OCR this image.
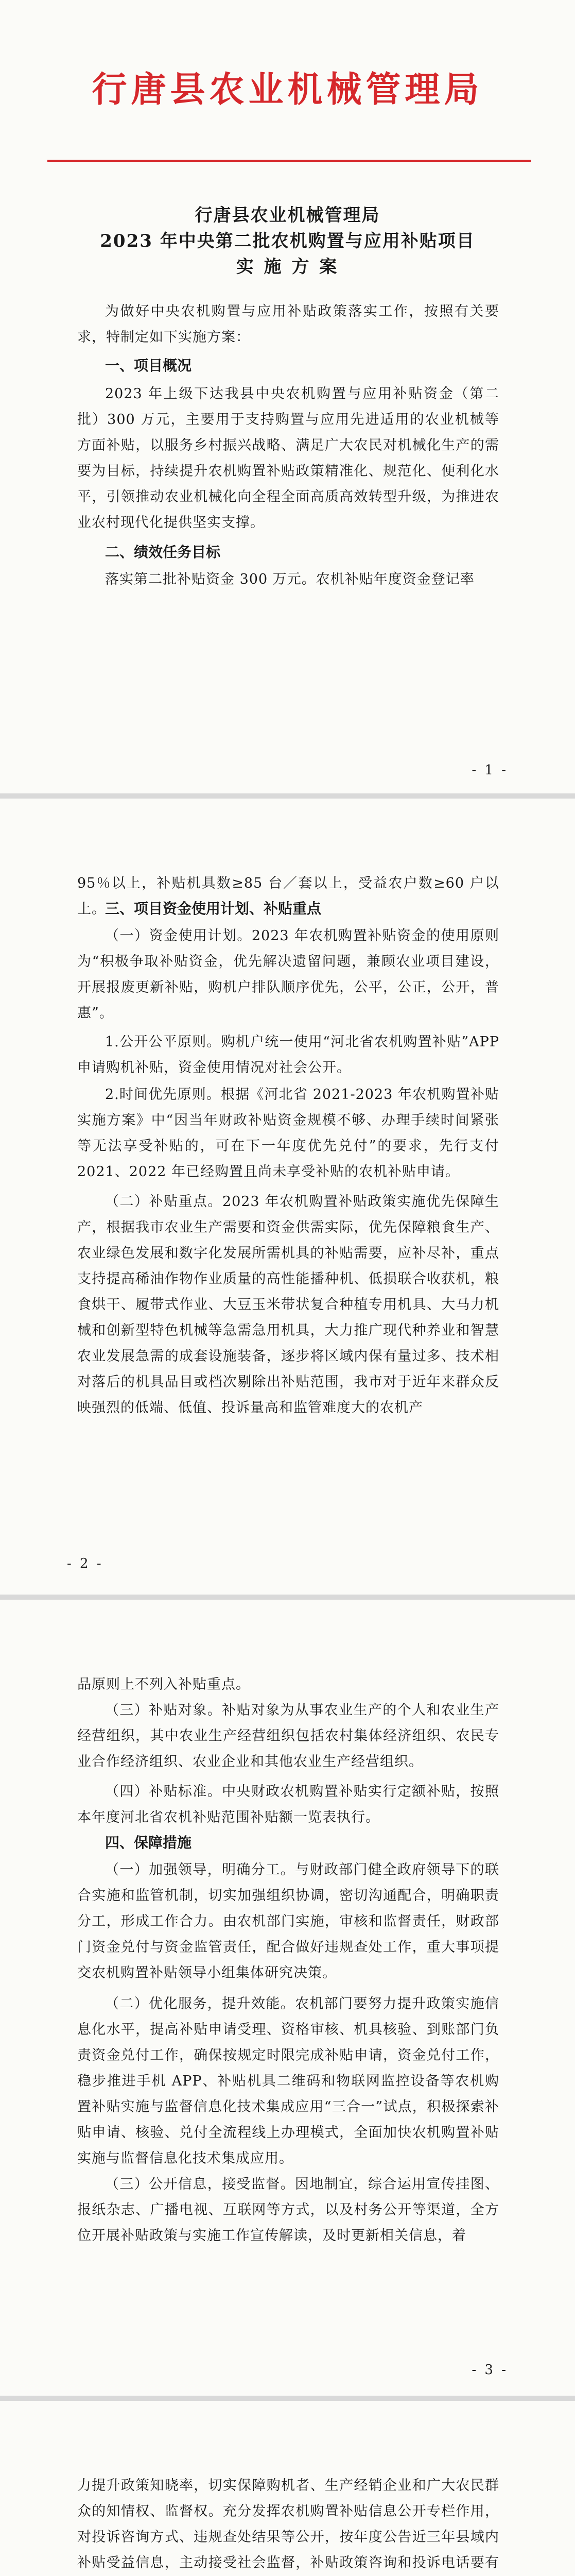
行唐县农业机械管理局
行唐县农业机械管理局
2023 年中央第二批农机购置与应用补贴项目
实 施 方 案
为做好中央农机购置与应用补贴政策落实工作，按照有关要求，特制定如下实施方案：
一、项目概况
2023 年上级下达我县中央农机购置与应用补贴资金（第二批）300 万元，主要用于支持购置与应用先进适用的农业机械等方面补贴，以服务乡村振兴战略、满足广大农民对机械化生产的需要为目标，持续提升农机购置补贴政策精准化、规范化、便利化水平，引领推动农业机械化向全程全面高质高效转型升级，为推进农业农村现代化提供坚实支撑。
二、绩效任务目标
落实第二批补贴资金 300 万元。农机补贴年度资金登记率
- 1 -
95％以上，补贴机具数≥85 台／套以上，受益农户数≥60 户以上。
三、项目资金使用计划、补贴重点
（一）资金使用计划。2023 年农机购置补贴资金的使用原则为“积极争取补贴资金，优先解决遗留问题，兼顾农业项目建设，开展报废更新补贴，购机户排队顺序优先，公平，公正，公开，普惠”。
1.公开公平原则。购机户统一使用“河北省农机购置补贴”APP 申请购机补贴，资金使用情况对社会公开。
2.时间优先原则。根据《河北省 2021-2023 年农机购置补贴实施方案》中“因当年财政补贴资金规模不够、办理手续时间紧张等无法享受补贴的，可在下一年度优先兑付”的要求，先行支付 2021、2022 年已经购置且尚未享受补贴的农机补贴申请。
（二）补贴重点。2023 年农机购置补贴政策实施优先保障生产，根据我市农业生产需要和资金供需实际，优先保障粮食生产、农业绿色发展和数字化发展所需机具的补贴需要，应补尽补，重点支持提高稀油作物作业质量的高性能播种机、低损联合收获机，粮食烘干、履带式作业、大豆玉米带状复合种植专用机具、大马力机械和创新型特色机械等急需急用机具，大力推广现代种养业和智慧农业发展急需的成套设施装备，逐步将区域内保有量过多、技术相对落后的机具品目或档次剔除出补贴范围，我市对于近年来群众反映强烈的低端、低值、投诉量高和监管难度大的农机产
- 2 -
品原则上不列入补贴重点。
（三）补贴对象。补贴对象为从事农业生产的个人和农业生产经营组织，其中农业生产经营组织包括农村集体经济组织、农民专业合作经济组织、农业企业和其他农业生产经营组织。
（四）补贴标准。中央财政农机购置补贴实行定额补贴，按照本年度河北省农机补贴范围补贴额一览表执行。
四、保障措施
（一）加强领导，明确分工。与财政部门健全政府领导下的联合实施和监管机制，切实加强组织协调，密切沟通配合，明确职责分工，形成工作合力。由农机部门实施，审核和监督责任，财政部门资金兑付与资金监管责任，配合做好违规查处工作，重大事项提交农机购置补贴领导小组集体研究决策。
（二）优化服务，提升效能。农机部门要努力提升政策实施信息化水平，提高补贴申请受理、资格审核、机具核验、到账部门负责资金兑付工作，确保按规定时限完成补贴申请，资金兑付工作，稳步推进手机 APP、补贴机具二维码和物联网监控设备等农机购置补贴实施与监督信息化技术集成应用“三合一”试点，积极探索补贴申请、核验、兑付全流程线上办理模式，全面加快农机购置补贴实施与监督信息化技术集成应用。
（三）公开信息，接受监督。因地制宜，综合运用宣传挂图、报纸杂志、广播电视、互联网等方式，以及村务公开等渠道，全方位开展补贴政策与实施工作宣传解读，及时更新相关信息，着
- 3 -
力提升政策知晓率，切实保障购机者、生产经销企业和广大农民群众的知情权、监督权。充分发挥农机购置补贴信息公开专栏作用，对投诉咨询方式、违规查处结果等公开，按年度公告近三年县域内补贴受益信息，主动接受社会监督，补贴政策咨询和投诉电话要有
